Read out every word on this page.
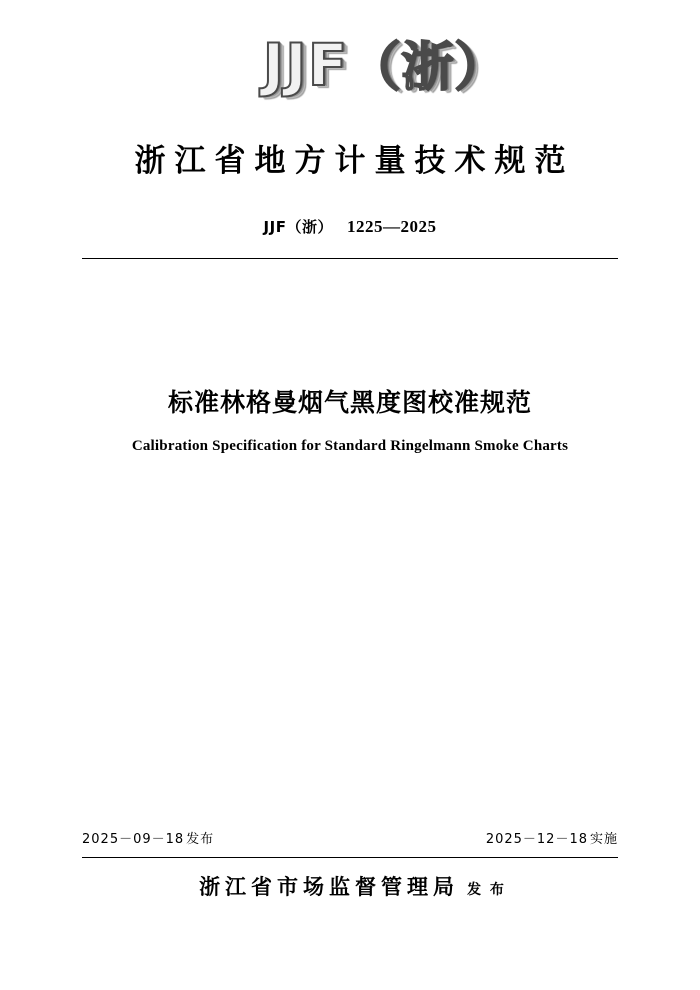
JJF（浙）
浙江省地方计量技术规范
JJF（浙） 1225—2025
标准林格曼烟气黑度图校准规范
Calibration Specification for Standard Ringelmann Smoke Charts
2025－09－18 发布	2025－12－18 实施
浙江省市场监督管理局 发 布
